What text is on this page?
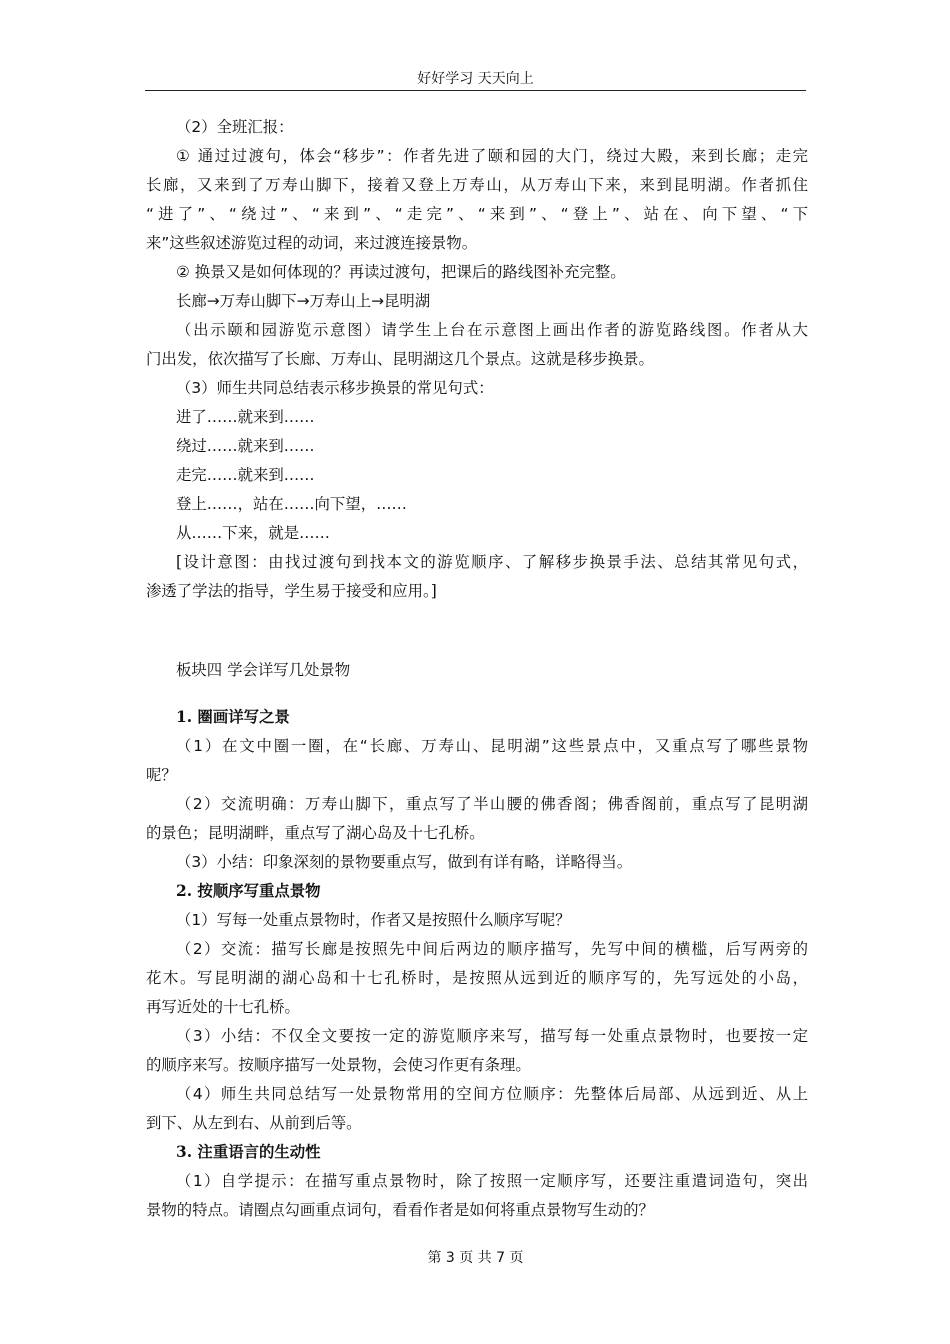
好好学习 天天向上
（2）全班汇报：
① 通过过渡句，体会“移步”：作者先进了颐和园的大门，绕过大殿，来到长廊；走完
长廊，又来到了万寿山脚下，接着又登上万寿山，从万寿山下来，来到昆明湖。作者抓住
“进了”、“绕过”、“来到”、“走完”、“来到”、“登上”、站在、向下望、“下
来”这些叙述游览过程的动词，来过渡连接景物。
② 换景又是如何体现的？再读过渡句，把课后的路线图补充完整。
长廊→万寿山脚下→万寿山上→昆明湖
（出示颐和园游览示意图）请学生上台在示意图上画出作者的游览路线图。作者从大
门出发，依次描写了长廊、万寿山、昆明湖这几个景点。这就是移步换景。
（3）师生共同总结表示移步换景的常见句式：
进了……就来到……
绕过……就来到……
走完……就来到……
登上……，站在……向下望，……
从……下来，就是……
[设计意图：由找过渡句到找本文的游览顺序、了解移步换景手法、总结其常见句式，
渗透了学法的指导，学生易于接受和应用。]
板块四 学会详写几处景物
1. 圈画详写之景
（1）在文中圈一圈，在“长廊、万寿山、昆明湖”这些景点中，又重点写了哪些景物
呢？
（2）交流明确：万寿山脚下，重点写了半山腰的佛香阁；佛香阁前，重点写了昆明湖
的景色；昆明湖畔，重点写了湖心岛及十七孔桥。
（3）小结：印象深刻的景物要重点写，做到有详有略，详略得当。
2. 按顺序写重点景物
（1）写每一处重点景物时，作者又是按照什么顺序写呢？
（2）交流：描写长廊是按照先中间后两边的顺序描写，先写中间的横槛，后写两旁的
花木。写昆明湖的湖心岛和十七孔桥时，是按照从远到近的顺序写的，先写远处的小岛，
再写近处的十七孔桥。
（3）小结：不仅全文要按一定的游览顺序来写，描写每一处重点景物时，也要按一定
的顺序来写。按顺序描写一处景物，会使习作更有条理。
（4）师生共同总结写一处景物常用的空间方位顺序：先整体后局部、从远到近、从上
到下、从左到右、从前到后等。
3. 注重语言的生动性
（1）自学提示：在描写重点景物时，除了按照一定顺序写，还要注重遣词造句，突出
景物的特点。请圈点勾画重点词句，看看作者是如何将重点景物写生动的？
第 3 页 共 7 页
